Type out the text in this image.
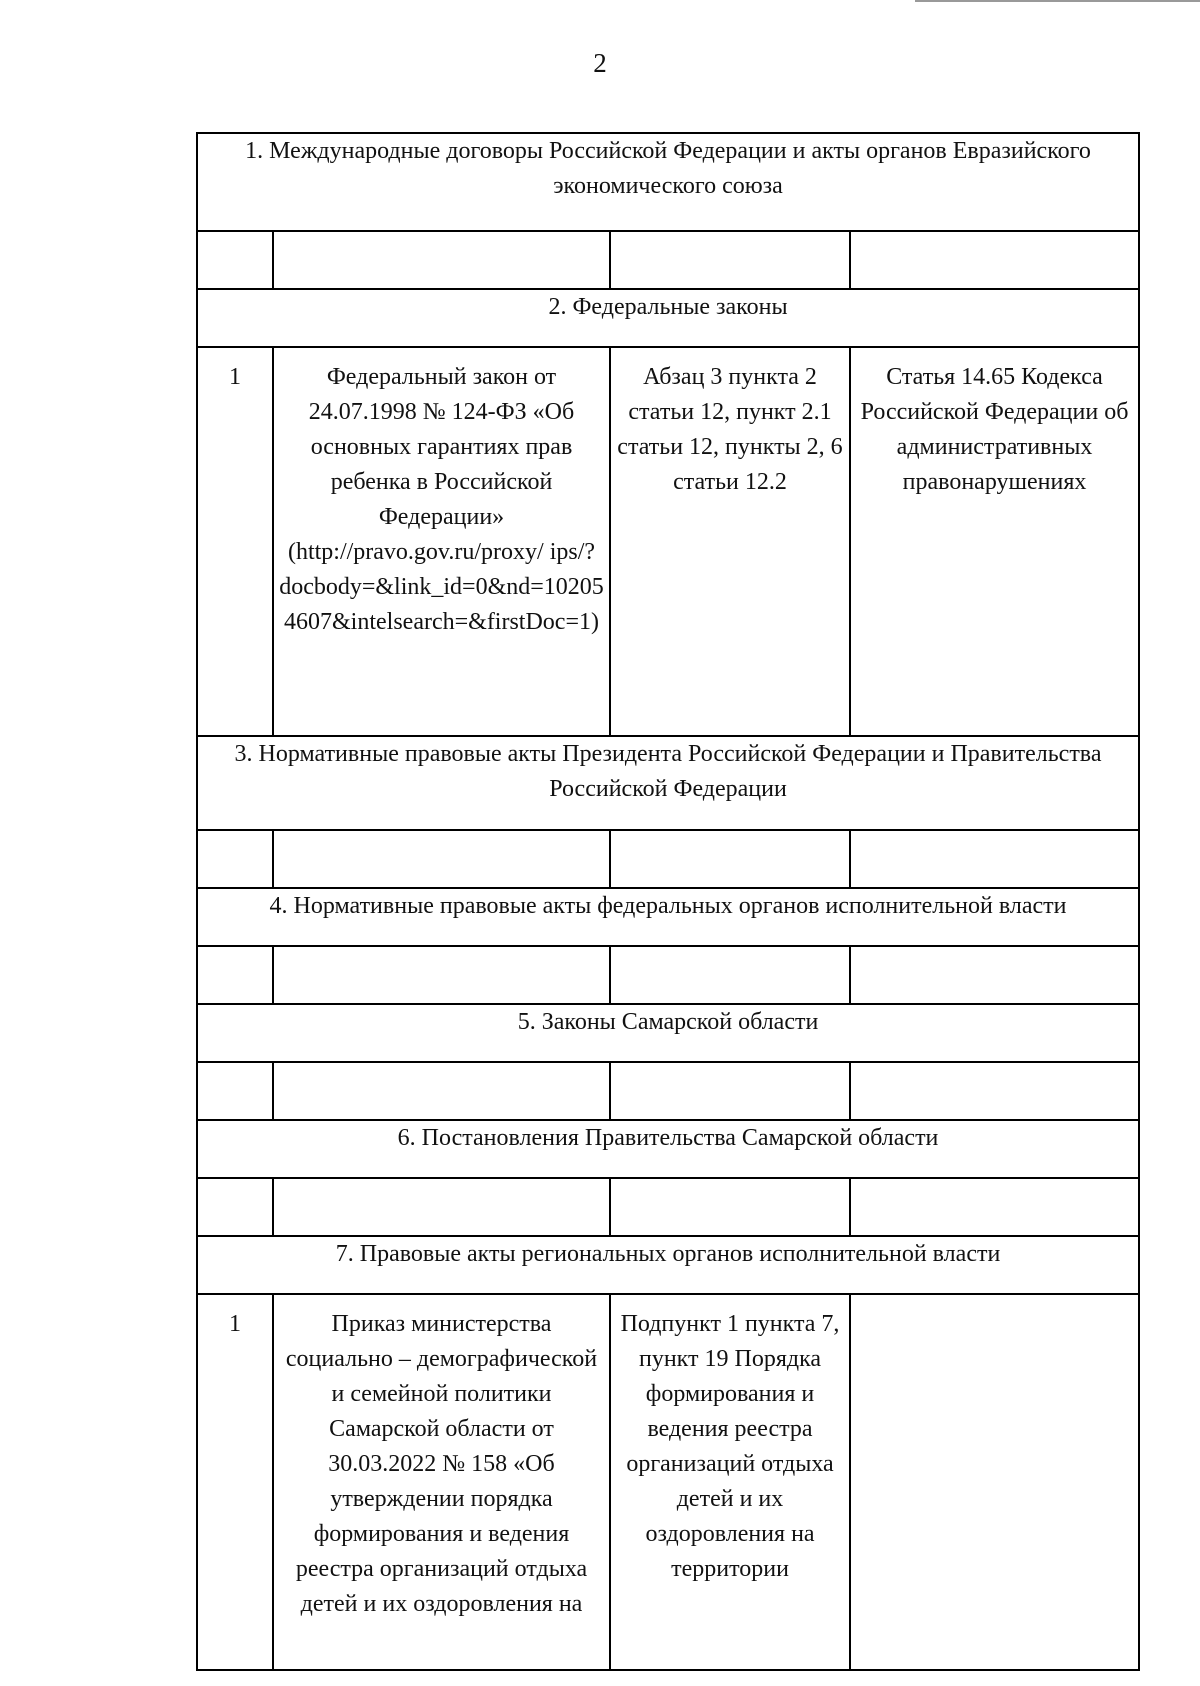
2
1. Международные договоры Российской Федерации и акты органов Евразийского экономического союза			

2. Федеральные законы			
1	Федеральный закон от 24.07.1998 № 124-ФЗ «Об основных гарантиях прав ребенка в Российской Федерации» (http://pravo.gov.ru/proxy/ ips/?docbody=&link_id=0&nd=102054607&intelsearch=&firstDoc=1)	Абзац 3 пункта 2 статьи 12, пункт 2.1 статьи 12, пункты 2, 6 статьи 12.2	Статья 14.65 Кодекса Российской Федерации об административных правонарушениях
3. Нормативные правовые акты Президента Российской Федерации и Правительства Российской Федерации			

4. Нормативные правовые акты федеральных органов исполнительной власти			

5. Законы Самарской области			

6. Постановления Правительства Самарской области			

7. Правовые акты региональных органов исполнительной власти			
1	Приказ министерства социально – демографической и семейной политики Самарской области от 30.03.2022 № 158 «Об утверждении порядка формирования и ведения реестра организаций отдыха детей и их оздоровления на	Подпункт 1 пункта 7, пункт 19 Порядка формирования и ведения реестра организаций отдыха детей и их оздоровления на территории	
